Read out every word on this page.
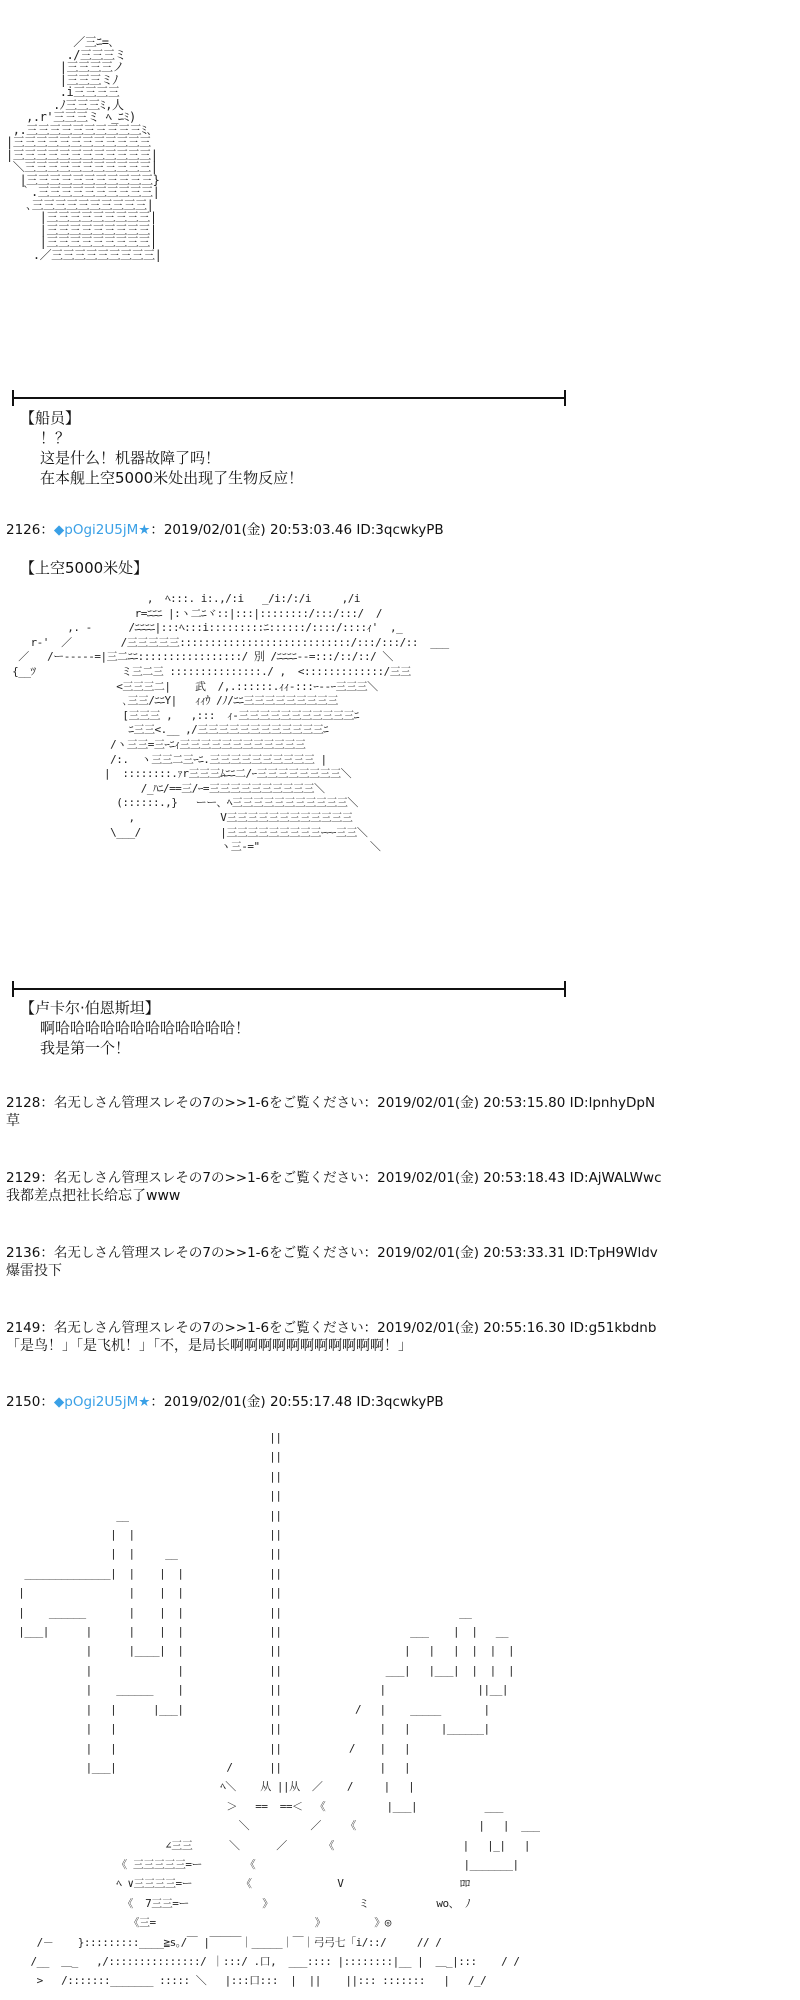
／三ﾆ=､
./三三三ミ
|三三三三ノ
|三三三ミﾉ
.i三三三三
.ﾉ三三三ﾐ,人
,.r'三三三ミ ﾍ_ﾆﾐ)
,.三三三三三三三三三三ﾐ､
|三三三三三三三三三三三三
|三三三三三三三三三三三三|
＼三三三三三三三三三三三|
|三三三三三三三三三三三}
｀.三三三三三三三三三三|
､三三三三三三三三三三|
|三三三三三三三三三|
|三三三三三三三三三|
|三三三三三三三三三|
.／三三三三三三三三三|
【船员】
！？
这是什么！机器故障了吗！
在本舰上空5000米处出现了生物反应！
2126：◆pOgi2U5jM★：2019/02/01(金) 20:53:03.46 ID:3qcwkyPB
【上空5000米处】
,  ﾍ:::. i:.,/:i   _/i:/:/i     ,/i
r=ﾆﾆﾆ |:ヽ二ﾆヾ::|:::|::::::::/:::/:::/  /
,. -      /ﾆﾆﾆﾆ|:::ﾍ:::i:::::::::ﾆ::::::/::::/::::ｨ'  ,_
r-'  ／        /三三三三三::::::::::::::::::::::::::::/:::/:::/::  ___
／   /ー-----=|三二ﾆﾆ:::::::::::::::::/ 別 /ﾆﾆﾆﾆ--=:::/::/::/ ＼
{__ﾂ              ミ三二三 :::::::::::::::./ ,  <:::::::::::::/三三
<三三三二|    武  /,.::::::.ｨｨ-:::ｰ--ｰ三三三＼
､三三/ﾆﾆY|   ｨｨｳ /ﾉ/ﾆﾆ三三三三三三三三三
[三三三 ,   ,:::  ｨ-三三三三三三三三三三三ﾆ
ﾆ三三<.__ ,/三三三三三三三三三三三三ﾆ
/ヽ三三=三ｰﾆｨ三三三三三三三三三三三三
/:.  ヽ三三二三ｰﾆ.三三三三三三三三三三 |
|  ::::::::.ｧr三三三ﾑﾆﾆ二/ｰ三三三三三三三三＼
/_ﾊﾆ/==三/ｰ=三三三三三三三三三三＼
(::::::.,}   ーー、ﾍ三三三三三三三三三三三＼
,              V三三三三三三三三三三三三
\___/             |三三三三三三三三三ｰｰｰ三三＼
ヽ三-="                  ＼
【卢卡尔·伯恩斯坦】
啊哈哈哈哈哈哈哈哈哈哈哈哈！
我是第一个！
2128：名无しさん管理スレその7の>>1-6をご覧ください：2019/02/01(金) 20:53:15.80 ID:lpnhyDpN
草
2129：名无しさん管理スレその7の>>1-6をご覧ください：2019/02/01(金) 20:53:18.43 ID:AjWALWwc
我都差点把社长给忘了www
2136：名无しさん管理スレその7の>>1-6をご覧ください：2019/02/01(金) 20:53:33.31 ID:TpH9Wldv
爆雷投下
2149：名无しさん管理スレその7の>>1-6をご覧ください：2019/02/01(金) 20:55:16.30 ID:g51kbdnb
「是鸟！」「是飞机！」「不，是局长啊啊啊啊啊啊啊啊啊啊啊！」
2150：◆pOgi2U5jM★：2019/02/01(金) 20:55:17.48 ID:3qcwkyPB
||
||
||
||
__                       ||
|  |                      ||
|  |     __               ||
______________|  |    |  |              ||
|                 |    |  |              ||
|    ______       |    |  |              ||                             __
|___|      |      |    |  |              ||                     ___    |  |   __
|      |____|  |              ||                    |   |   |  |  |  |
|              |              ||                 ___|   |___|  |  |  |
|    ______    |              ||                |               ||__|
|   |      |___|              ||            /   |    _____       |
|   |                         ||                |   |     |______|
|   |                         ||           /    |   |
|___|                  /      ||                |   |
ﾍ＼    从 ||从  ／    /     |   |
＞   ==  ==＜  《          |___|           ___
＼          ／    《                    |   |  ___
∠三三      ＼      ／      《                     |   |_|   |
《 三三三三三=ー       《                                  |_______|
ﾍ ∨三三三三=ー        《              V                   ﾛﾛ
《  7三三=ー            》              ミ           wo、 ﾉ
《三=                          》        》◎
/－    }:::::::::____≧s｡/￣ |￣￣￣｜_____｜￣｜弓弓七「i/::/     // /
/__  ＿_   ,/:::::::::::::::/ ｜:::/ .口,  ___:::: |::::::::|__ |  ＿_|:::    / /
>   /:::::::_______ ::::: ＼   |:::口:::  |  ||    ||::: :::::::   |   /_/
